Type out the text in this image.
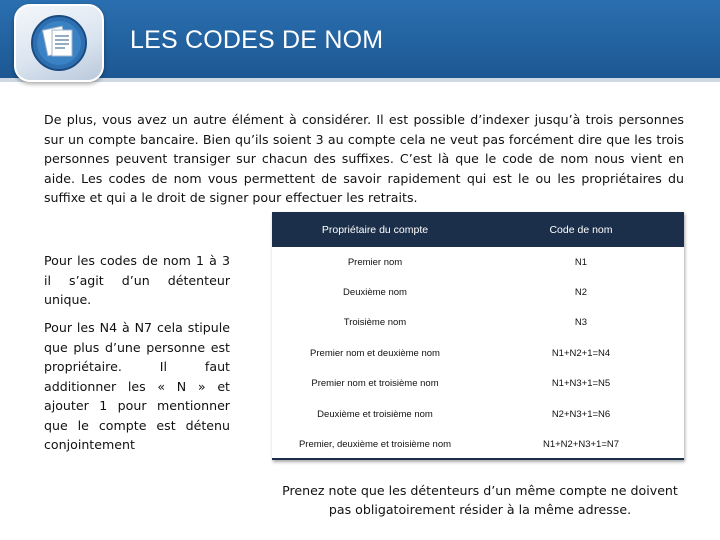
LES CODES DE NOM
De plus, vous avez un autre élément à considérer. Il est possible d’indexer jusqu’à trois personnes sur un compte bancaire. Bien qu’ils soient 3 au compte cela ne veut pas forcément dire que les trois personnes peuvent transiger sur chacun des suffixes. C’est là que le code de nom nous vient en aide. Les codes de nom vous permettent de savoir rapidement qui est le ou les propriétaires du suffixe et qui a le droit de signer pour effectuer les retraits.
Pour les codes de nom 1 à 3 il s’agit d’un détenteur unique.
Pour les N4 à N7 cela stipule que plus d’une personne est propriétaire. Il faut additionner les « N » et ajouter 1 pour mentionner que le compte est détenu conjointement
Propriétaire du compte	Code de nom
Premier nom	N1
Deuxième nom	N2
Troisième nom	N3
Premier nom et deuxième nom	N1+N2+1=N4
Premier nom et troisième nom	N1+N3+1=N5
Deuxième et troisième nom	N2+N3+1=N6
Premier, deuxième et troisième nom	N1+N2+N3+1=N7
Prenez note que les détenteurs d’un même compte ne doivent pas obligatoirement résider à la même adresse.
